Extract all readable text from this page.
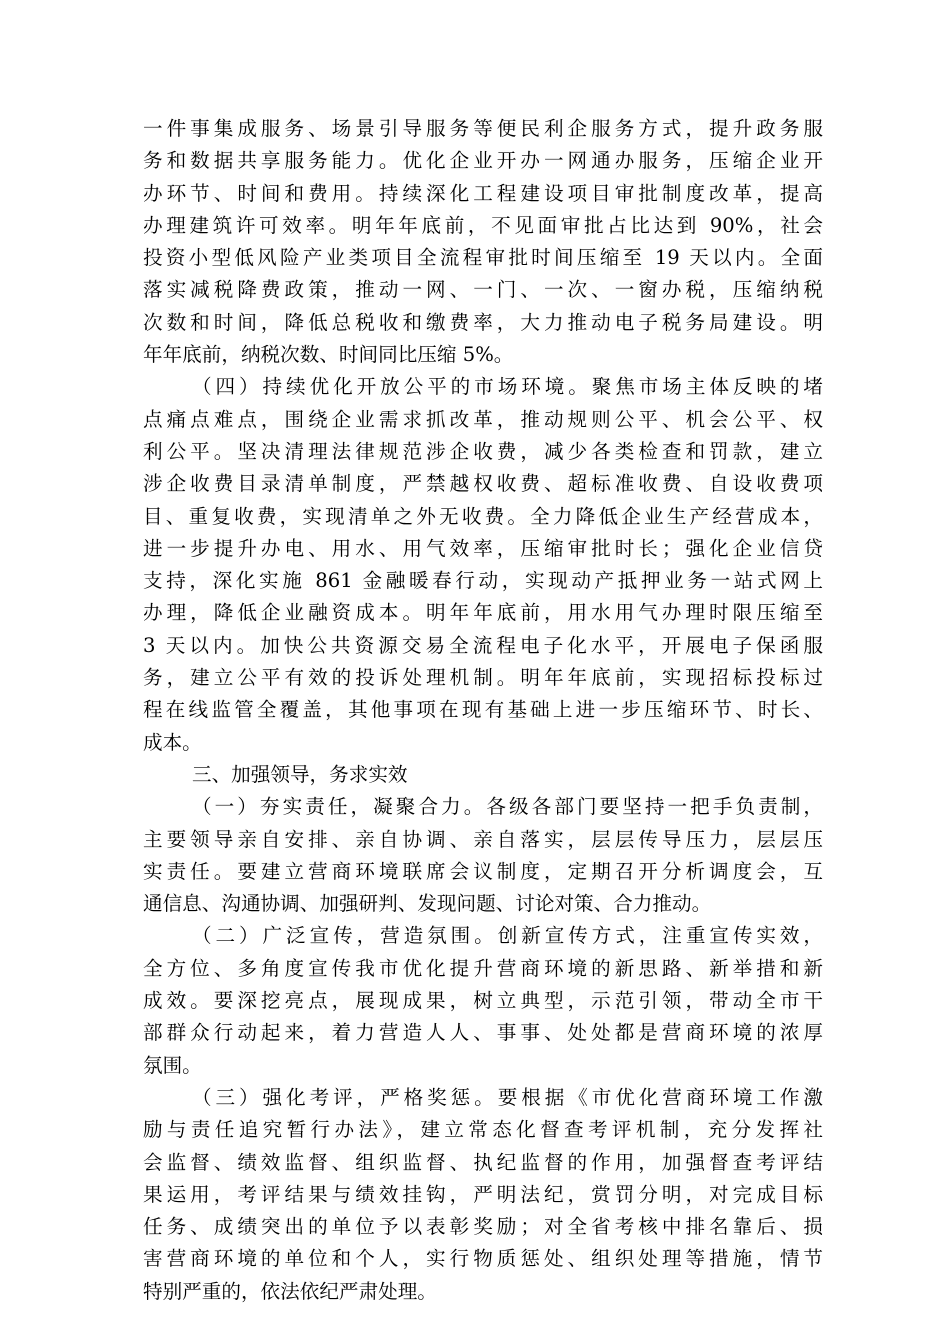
一件事集成服务、场景引导服务等便民利企服务方式，提升政务服
务和数据共享服务能力。优化企业开办一网通办服务，压缩企业开
办环节、时间和费用。持续深化工程建设项目审批制度改革，提高
办理建筑许可效率。明年年底前，不见面审批占比达到 90%，社会
投资小型低风险产业类项目全流程审批时间压缩至 19 天以内。全面
落实减税降费政策，推动一网、一门、一次、一窗办税，压缩纳税
次数和时间，降低总税收和缴费率，大力推动电子税务局建设。明
年年底前，纳税次数、时间同比压缩 5%。
（四）持续优化开放公平的市场环境。聚焦市场主体反映的堵
点痛点难点，围绕企业需求抓改革，推动规则公平、机会公平、权
利公平。坚决清理法律规范涉企收费，减少各类检查和罚款，建立
涉企收费目录清单制度，严禁越权收费、超标准收费、自设收费项
目、重复收费，实现清单之外无收费。全力降低企业生产经营成本，
进一步提升办电、用水、用气效率，压缩审批时长；强化企业信贷
支持，深化实施 861 金融暖春行动，实现动产抵押业务一站式网上
办理，降低企业融资成本。明年年底前，用水用气办理时限压缩至
3 天以内。加快公共资源交易全流程电子化水平，开展电子保函服
务，建立公平有效的投诉处理机制。明年年底前，实现招标投标过
程在线监管全覆盖，其他事项在现有基础上进一步压缩环节、时长、
成本。
三、加强领导，务求实效
（一）夯实责任，凝聚合力。各级各部门要坚持一把手负责制，
主要领导亲自安排、亲自协调、亲自落实，层层传导压力，层层压
实责任。要建立营商环境联席会议制度，定期召开分析调度会，互
通信息、沟通协调、加强研判、发现问题、讨论对策、合力推动。
（二）广泛宣传，营造氛围。创新宣传方式，注重宣传实效，
全方位、多角度宣传我市优化提升营商环境的新思路、新举措和新
成效。要深挖亮点，展现成果，树立典型，示范引领，带动全市干
部群众行动起来，着力营造人人、事事、处处都是营商环境的浓厚
氛围。
（三）强化考评，严格奖惩。要根据《市优化营商环境工作激
励与责任追究暂行办法》，建立常态化督查考评机制，充分发挥社
会监督、绩效监督、组织监督、执纪监督的作用，加强督查考评结
果运用，考评结果与绩效挂钩，严明法纪，赏罚分明，对完成目标
任务、成绩突出的单位予以表彰奖励；对全省考核中排名靠后、损
害营商环境的单位和个人，实行物质惩处、组织处理等措施，情节
特别严重的，依法依纪严肃处理。
